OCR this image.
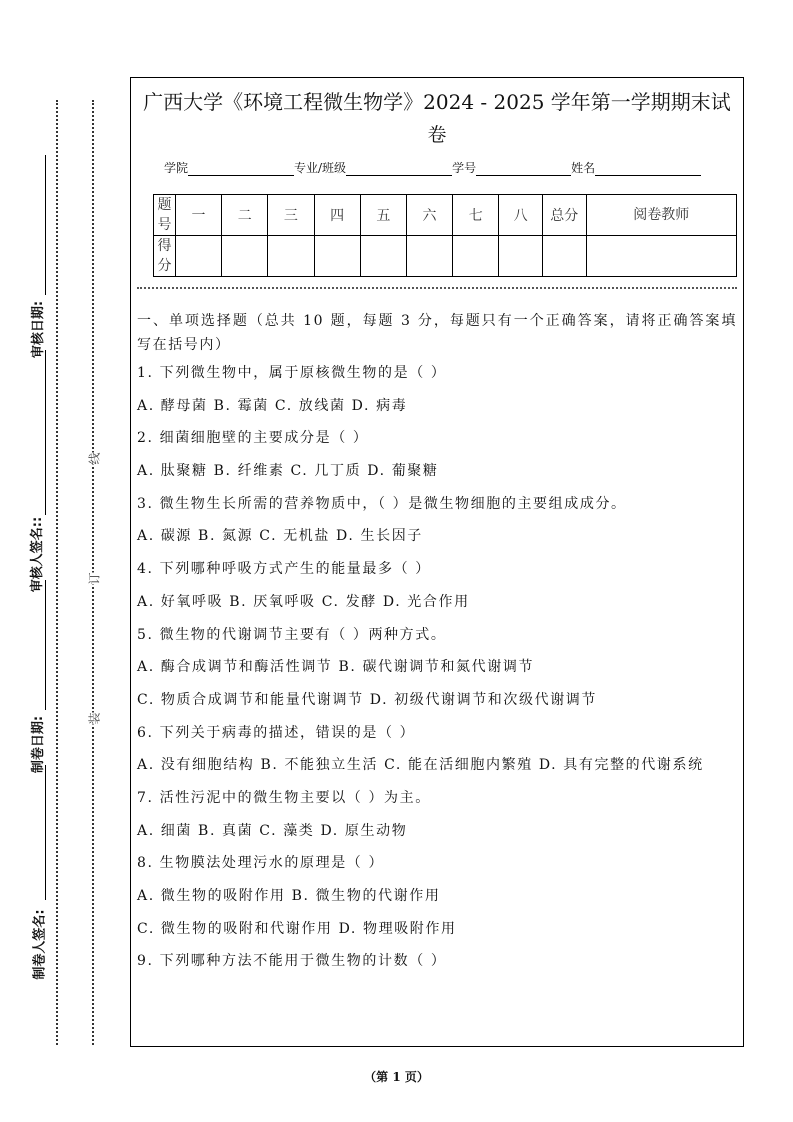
审核日期:
审核人签名::
制卷日期:
制卷人签名:
线
订
装
广西大学《环境工程微生物学》2024 - 2025 学年第一学期期末试
卷
学院	专业/班级	学号	姓名
题号	一	二	三	四	五	六	七	八	总分	阅卷教师
得分										

一、单项选择题（总共 10 题，每题 3 分，每题只有一个正确答案，请将正确答案填写在括号内）

1. 下列微生物中，属于原核微生物的是（ ）

A. 酵母菌 B. 霉菌 C. 放线菌 D. 病毒

2. 细菌细胞壁的主要成分是（ ）

A. 肽聚糖 B. 纤维素 C. 几丁质 D. 葡聚糖

3. 微生物生长所需的营养物质中，（ ）是微生物细胞的主要组成成分。

A. 碳源 B. 氮源 C. 无机盐 D. 生长因子

4. 下列哪种呼吸方式产生的能量最多（ ）

A. 好氧呼吸 B. 厌氧呼吸 C. 发酵 D. 光合作用

5. 微生物的代谢调节主要有（ ）两种方式。

A. 酶合成调节和酶活性调节 B. 碳代谢调节和氮代谢调节

C. 物质合成调节和能量代谢调节 D. 初级代谢调节和次级代谢调节

6. 下列关于病毒的描述，错误的是（ ）

A. 没有细胞结构 B. 不能独立生活 C. 能在活细胞内繁殖 D. 具有完整的代谢系统

7. 活性污泥中的微生物主要以（ ）为主。

A. 细菌 B. 真菌 C. 藻类 D. 原生动物

8. 生物膜法处理污水的原理是（ ）

A. 微生物的吸附作用 B. 微生物的代谢作用

C. 微生物的吸附和代谢作用 D. 物理吸附作用

9. 下列哪种方法不能用于微生物的计数（ ）

（第 1 页）
